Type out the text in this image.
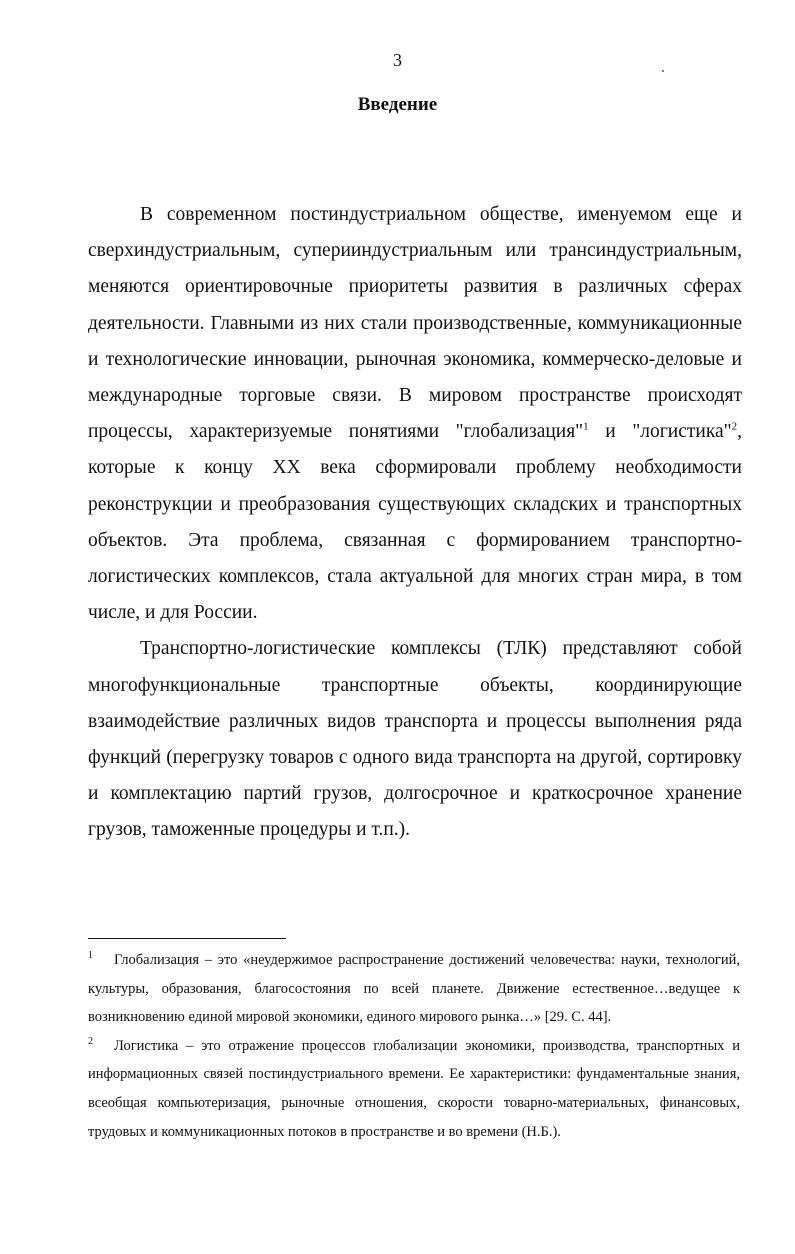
3
Введение

В современном постиндустриальном обществе, именуемом еще и сверхиндустриальным, суперииндустриальным или трансиндустриальным, меняются ориентировочные приоритеты развития в различных сферах деятельности. Главными из них стали производственные, коммуникационные и технологические инновации, рыночная экономика, коммерческо-деловые и международные торговые связи. В мировом пространстве происходят процессы, характеризуемые понятиями "глобализация"$^1$ и "логистика"$^2$, которые к концу XX века сформировали проблему необходимости реконструкции и преобразования существующих складских и транспортных объектов. Эта проблема, связанная с формированием транспортно-логистических комплексов, стала актуальной для многих стран мира, в том числе, и для России.

Транспортно-логистические комплексы (ТЛК) представляют собой многофункциональные транспортные объекты, координирующие взаимодействие различных видов транспорта и процессы выполнения ряда функций (перегрузку товаров с одного вида транспорта на другой, сортировку и комплектацию партий грузов, долгосрочное и краткосрочное хранение грузов, таможенные процедуры и т.п.).

1 Глобализация – это «неудержимое распространение достижений человечества: науки, технологий, культуры, образования, благосостояния по всей планете. Движение естественное…ведущее к возникновению единой мировой экономики, единого мирового рынка…» [29. С. 44].

2 Логистика – это отражение процессов глобализации экономики, производства, транспортных и информационных связей постиндустриального времени. Ее характеристики: фундаментальные знания, всеобщая компьютеризация, рыночные отношения, скорости товарно-материальных, финансовых, трудовых и коммуникационных потоков в пространстве и во времени (Н.Б.).
